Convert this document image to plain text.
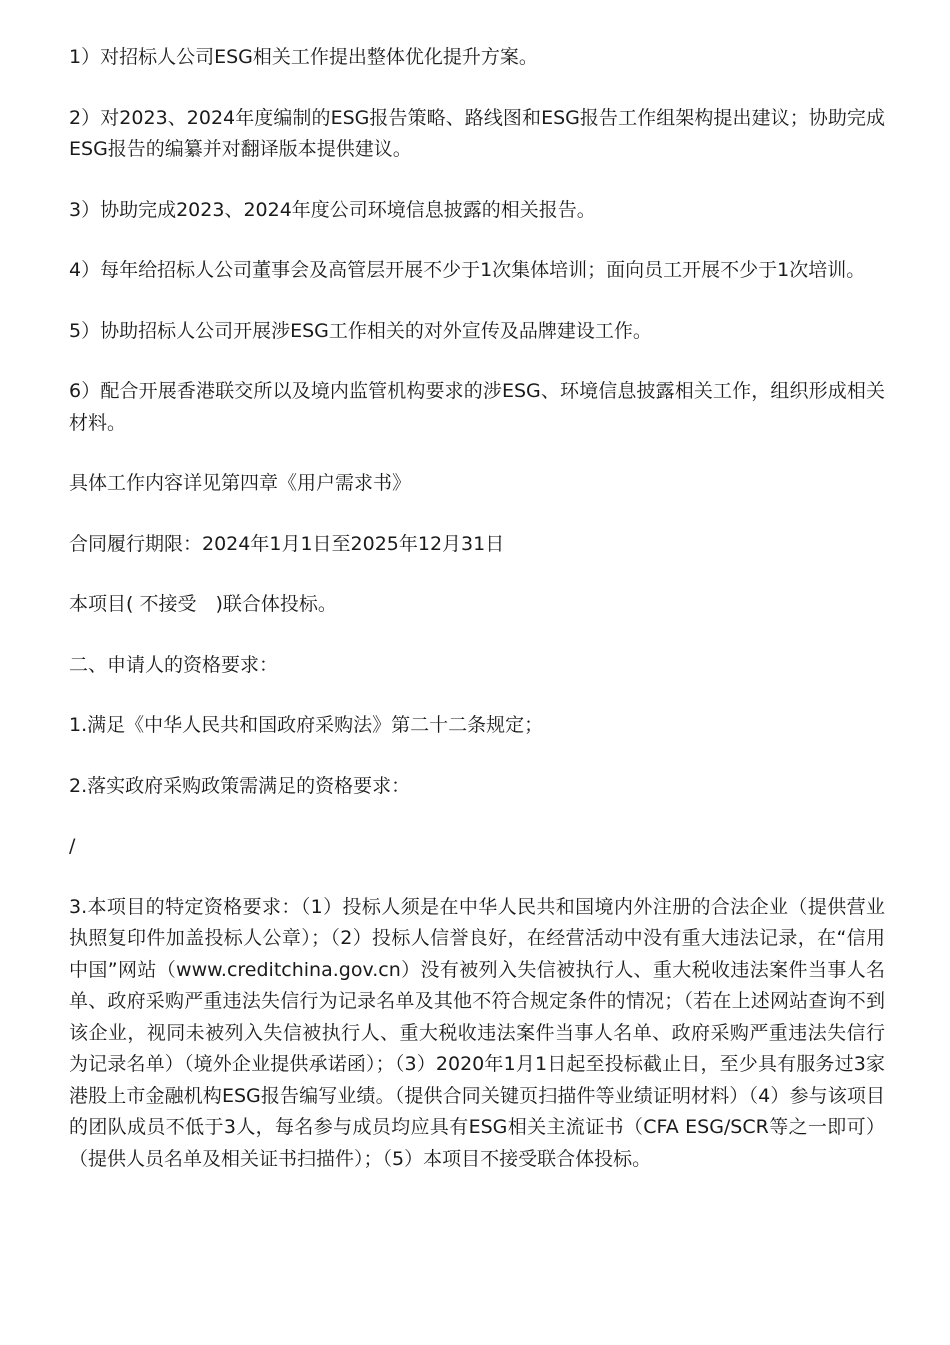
1）对招标人公司ESG相关工作提出整体优化提升方案。

2）对2023、2024年度编制的ESG报告策略、路线图和ESG报告工作组架构提出建议；协助完成ESG报告的编纂并对翻译版本提供建议。

3）协助完成2023、2024年度公司环境信息披露的相关报告。

4）每年给招标人公司董事会及高管层开展不少于1次集体培训；面向员工开展不少于1次培训。

5）协助招标人公司开展涉ESG工作相关的对外宣传及品牌建设工作。

6）配合开展香港联交所以及境内监管机构要求的涉ESG、环境信息披露相关工作，组织形成相关材料。

具体工作内容详见第四章《用户需求书》

合同履行期限：2024年1月1日至2025年12月31日

本项目( 不接受　)联合体投标。

二、申请人的资格要求：

1.满足《中华人民共和国政府采购法》第二十二条规定；

2.落实政府采购政策需满足的资格要求：

/

3.本项目的特定资格要求：（1）投标人须是在中华人民共和国境内外注册的合法企业（提供营业执照复印件加盖投标人公章）；（2）投标人信誉良好，在经营活动中没有重大违法记录，在“信用中国”网站（www.creditchina.gov.cn）没有被列入失信被执行人、重大税收违法案件当事人名单、政府采购严重违法失信行为记录名单及其他不符合规定条件的情况；（若在上述网站查询不到该企业，视同未被列入失信被执行人、重大税收违法案件当事人名单、政府采购严重违法失信行为记录名单）（境外企业提供承诺函）；（3）2020年1月1日起至投标截止日，至少具有服务过3家港股上市金融机构ESG报告编写业绩。（提供合同关键页扫描件等业绩证明材料）（4）参与该项目的团队成员不低于3人，每名参与成员均应具有ESG相关主流证书（CFA ESG/SCR等之一即可）（提供人员名单及相关证书扫描件）；（5）本项目不接受联合体投标。
